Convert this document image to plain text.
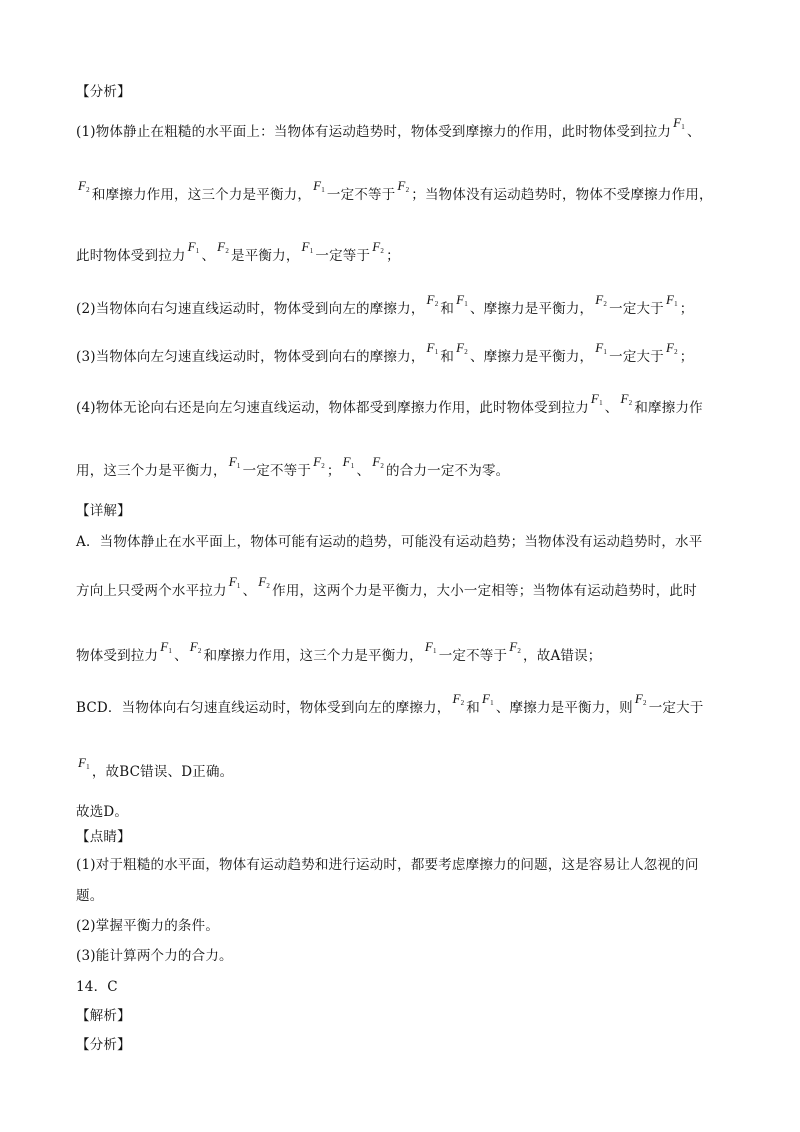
【分析】
(1)物体静止在粗糙的水平面上：当物体有运动趋势时，物体受到摩擦力的作用，此时物体受到拉力$F_1$ 、
$F_2$ 和摩擦力作用，这三个力是平衡力，$F_1$ 一定不等于$F_2$ ；当物体没有运动趋势时，物体不受摩擦力作用，
此时物体受到拉力$F_1$ 、$F_2$ 是平衡力，$F_1$ 一定等于$F_2$ ；
(2)当物体向右匀速直线运动时，物体受到向左的摩擦力，$F_2$ 和$F_1$ 、摩擦力是平衡力，$F_2$ 一定大于$F_1$ ；
(3)当物体向左匀速直线运动时，物体受到向右的摩擦力，$F_1$ 和$F_2$ 、摩擦力是平衡力，$F_1$ 一定大于$F_2$ ；
(4)物体无论向右还是向左匀速直线运动，物体都受到摩擦力作用，此时物体受到拉力$F_1$ 、$F_2$ 和摩擦力作
用，这三个力是平衡力，$F_1$ 一定不等于$F_2$ ；$F_1$ 、$F_2$ 的合力一定不为零。
【详解】
A．当物体静止在水平面上，物体可能有运动的趋势，可能没有运动趋势；当物体没有运动趋势时，水平
方向上只受两个水平拉力$F_1$ 、$F_2$ 作用，这两个力是平衡力，大小一定相等；当物体有运动趋势时，此时
物体受到拉力$F_1$ 、$F_2$ 和摩擦力作用，这三个力是平衡力，$F_1$ 一定不等于$F_2$ ，故A错误；
BCD．当物体向右匀速直线运动时，物体受到向左的摩擦力，$F_2$ 和$F_1$ 、摩擦力是平衡力，则$F_2$ 一定大于
$F_1$ ，故BC错误、D正确。
故选D。
【点睛】
(1)对于粗糙的水平面，物体有运动趋势和进行运动时，都要考虑摩擦力的问题，这是容易让人忽视的问
题。
(2)掌握平衡力的条件。
(3)能计算两个力的合力。
14．C
【解析】
【分析】
